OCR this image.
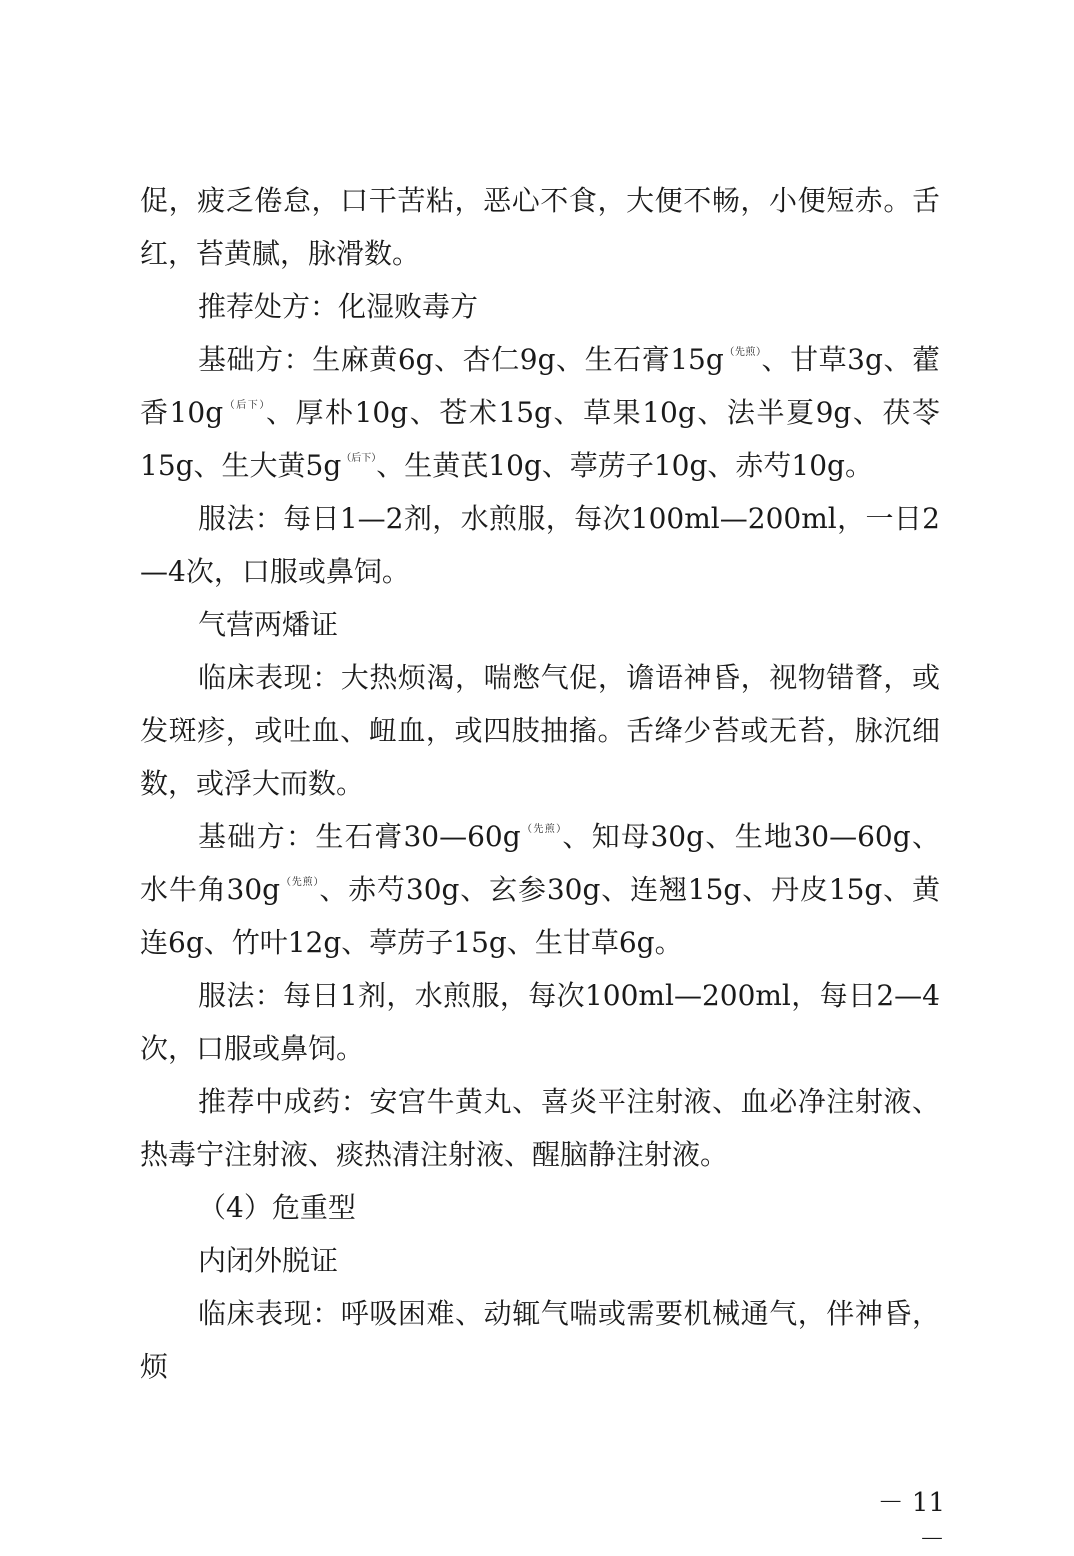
促，疲乏倦怠，口干苦粘，恶心不食，大便不畅，小便短赤。舌红，苔黄腻，脉滑数。

推荐处方：化湿败毒方

基础方：生麻黄6g、杏仁9g、生石膏$15g^{(先煎)}$、甘草3g、藿香$10g^{(后下)}$、厚朴10g、苍术15g、草果10g、法半夏9g、茯苓15g、生大黄$5g^{(后下)}$、生黄芪10g、葶苈子10g、赤芍10g。

服法：每日1—2剂，水煎服，每次100ml—200ml，一日2—4次，口服或鼻饲。

气营两燔证

临床表现：大热烦渴，喘憋气促，谵语神昏，视物错瞀，或发斑疹，或吐血、衄血，或四肢抽搐。舌绛少苔或无苔，脉沉细数，或浮大而数。

基础方：生石膏$30—60g^{(先煎)}$、知母30g、生地30—60g、水牛角$30g^{(先煎)}$、赤芍30g、玄参30g、连翘15g、丹皮15g、黄连6g、竹叶12g、葶苈子15g、生甘草6g。

服法：每日1剂，水煎服，每次100ml—200ml，每日2—4次，口服或鼻饲。

推荐中成药：安宫牛黄丸、喜炎平注射液、血必净注射液、热毒宁注射液、痰热清注射液、醒脑静注射液。

（4）危重型

内闭外脱证

临床表现：呼吸困难、动辄气喘或需要机械通气，伴神昏，烦

－ 11 －
